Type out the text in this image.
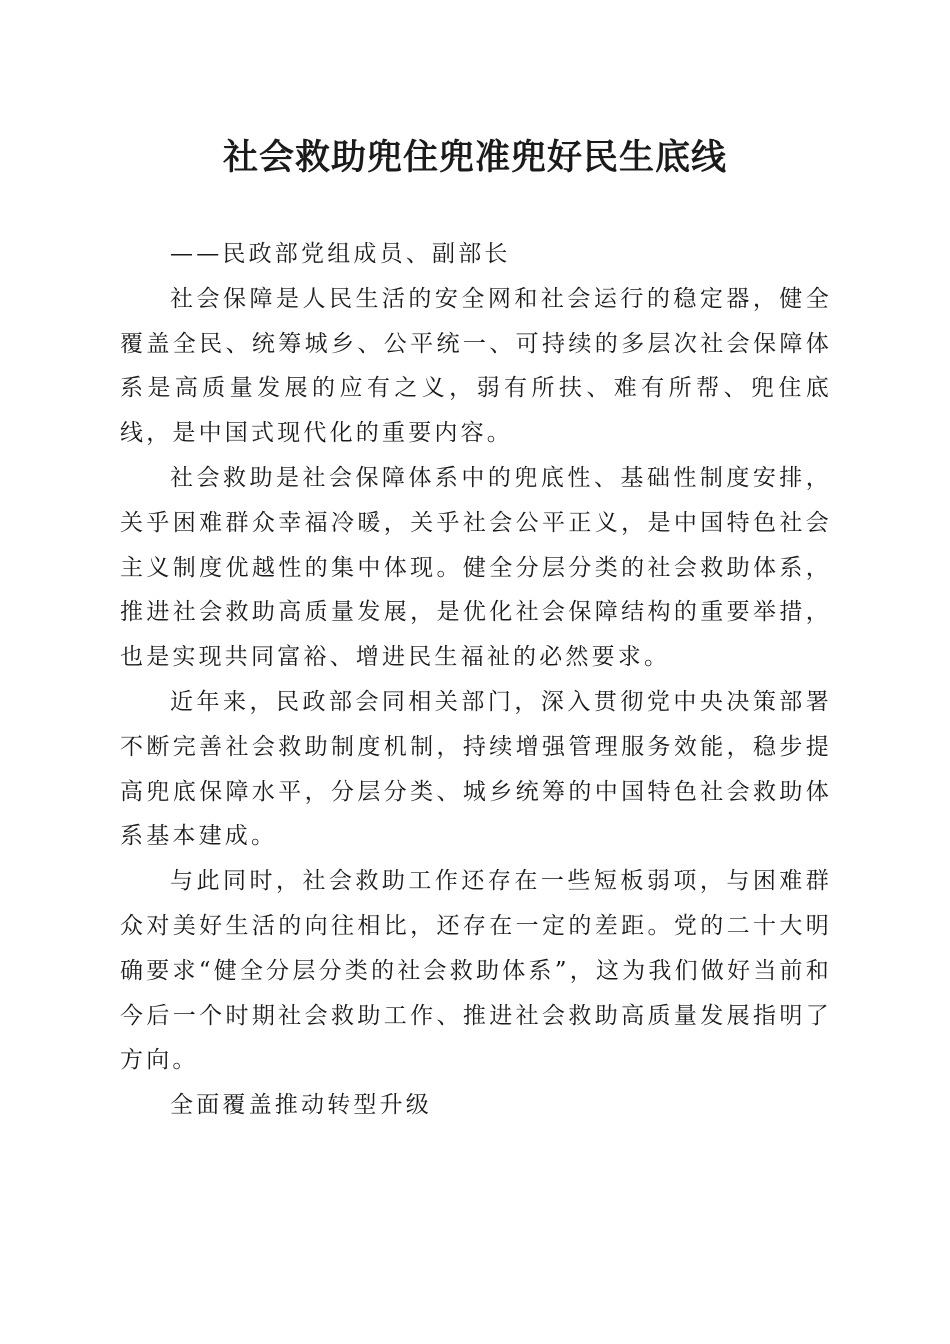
社会救助兜住兜准兜好民生底线

——民政部党组成员、副部长

社会保障是人民生活的安全网和社会运行的稳定器，健全覆盖全民、统筹城乡、公平统一、可持续的多层次社会保障体系是高质量发展的应有之义，弱有所扶、难有所帮、兜住底线，是中国式现代化的重要内容。

社会救助是社会保障体系中的兜底性、基础性制度安排，关乎困难群众幸福冷暖，关乎社会公平正义，是中国特色社会主义制度优越性的集中体现。健全分层分类的社会救助体系，推进社会救助高质量发展，是优化社会保障结构的重要举措，也是实现共同富裕、增进民生福祉的必然要求。

近年来，民政部会同相关部门，深入贯彻党中央决策部署不断完善社会救助制度机制，持续增强管理服务效能，稳步提高兜底保障水平，分层分类、城乡统筹的中国特色社会救助体系基本建成。

与此同时，社会救助工作还存在一些短板弱项，与困难群众对美好生活的向往相比，还存在一定的差距。党的二十大明确要求“健全分层分类的社会救助体系”，这为我们做好当前和今后一个时期社会救助工作、推进社会救助高质量发展指明了方向。

全面覆盖推动转型升级
